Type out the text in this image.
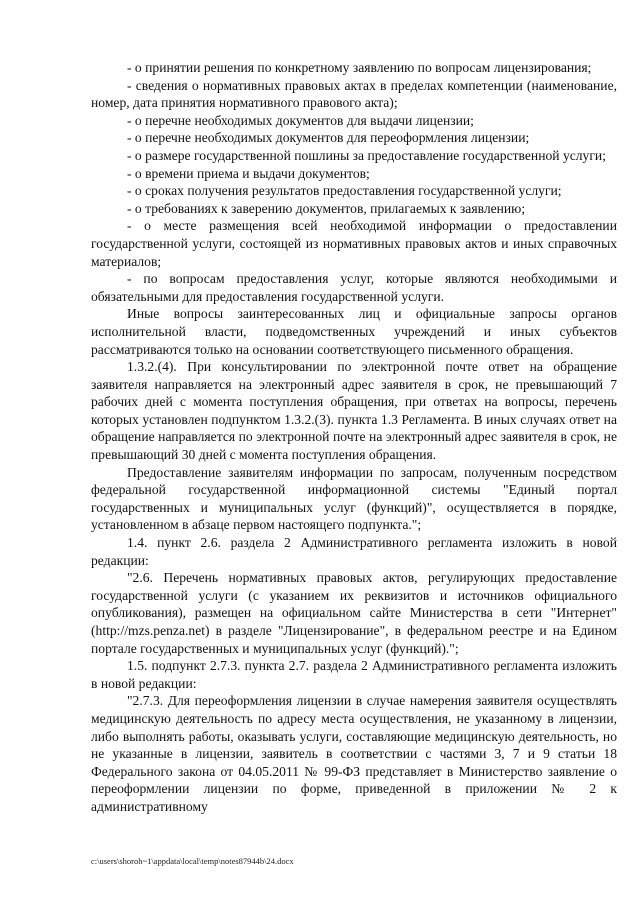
- о принятии решения по конкретному заявлению по вопросам лицензирования;

- сведения о нормативных правовых актах в пределах компетенции (наименование, номер, дата принятия нормативного правового акта);

- о перечне необходимых документов для выдачи лицензии;

- о перечне необходимых документов для переоформления лицензии;

- о размере государственной пошлины за предоставление государственной услуги;

- о времени приема и выдачи документов;

- о сроках получения результатов предоставления государственной услуги;

- о требованиях к заверению документов, прилагаемых к заявлению;

- о месте размещения всей необходимой информации о предоставлении государственной услуги, состоящей из нормативных правовых актов и иных справочных материалов;

- по вопросам предоставления услуг, которые являются необходимыми и обязательными для предоставления государственной услуги.

Иные вопросы заинтересованных лиц и официальные запросы органов исполнительной власти, подведомственных учреждений и иных субъектов рассматриваются только на основании соответствующего письменного обращения.

1.3.2.(4). При консультировании по электронной почте ответ на обращение заявителя направляется на электронный адрес заявителя в срок, не превышающий 7 рабочих дней с момента поступления обращения, при ответах на вопросы, перечень которых установлен подпунктом 1.3.2.(3). пункта 1.3 Регламента. В иных случаях ответ на обращение направляется по электронной почте на электронный адрес заявителя в срок, не превышающий 30 дней с момента поступления обращения.

Предоставление заявителям информации по запросам, полученным посредством федеральной государственной информационной системы "Единый портал государственных и муниципальных услуг (функций)", осуществляется в порядке, установленном в абзаце первом настоящего подпункта.";

1.4. пункт 2.6. раздела 2 Административного регламента изложить в новой редакции:

"2.6. Перечень нормативных правовых актов, регулирующих предоставление государственной услуги (с указанием их реквизитов и источников официального опубликования), размещен на официальном сайте Министерства в сети "Интернет" (http://mzs.penza.net) в разделе "Лицензирование", в федеральном реестре и на Едином портале государственных и муниципальных услуг (функций).";

1.5. подпункт 2.7.3. пункта 2.7. раздела 2 Административного регламента изложить в новой редакции:

"2.7.3. Для переоформления лицензии в случае намерения заявителя осуществлять медицинскую деятельность по адресу места осуществления, не указанному в лицензии, либо выполнять работы, оказывать услуги, составляющие медицинскую деятельность, но не указанные в лицензии, заявитель в соответствии с частями 3, 7 и 9 статьи 18 Федерального закона от 04.05.2011 № 99-ФЗ представляет в Министерство заявление о переоформлении лицензии по форме, приведенной в приложении № 2 к административному

c:\users\shoroh~1\appdata\local\temp\notes87944b\24.docx
